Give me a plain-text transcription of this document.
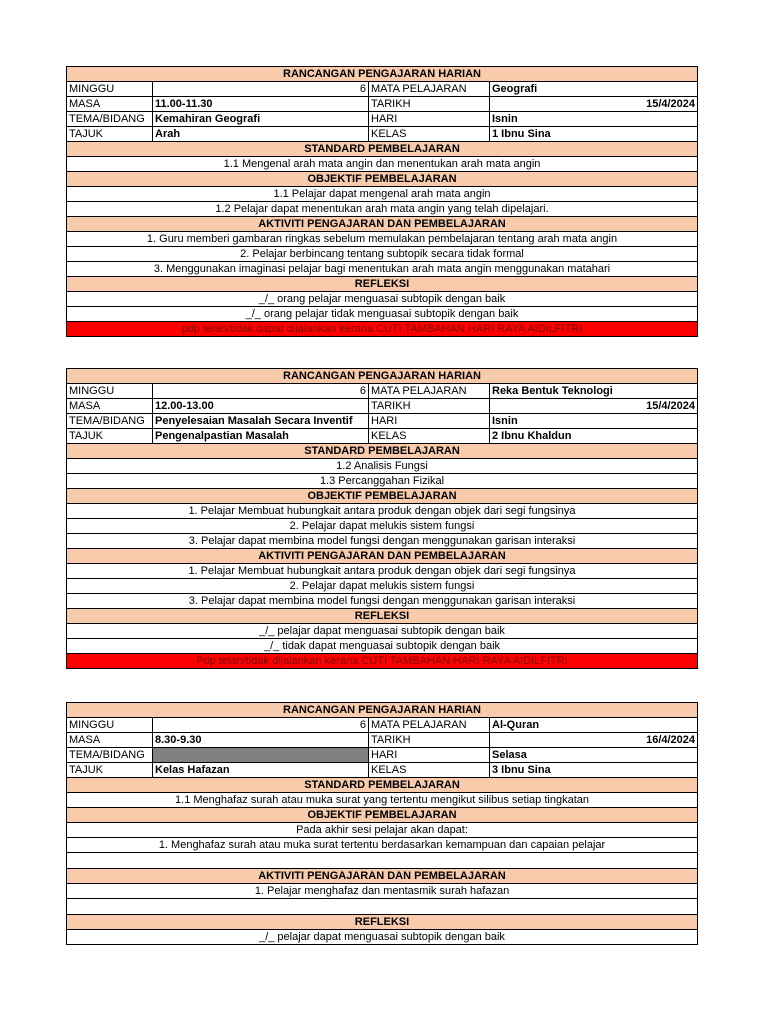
RANCANGAN PENGAJARAN HARIAN			
MINGGU	6	MATA PELAJARAN	Geografi
MASA	11.00-11.30	TARIKH	15/4/2024
TEMA/BIDANG	Kemahiran Geografi	HARI	Isnin
TAJUK	Arah	KELAS	1 Ibnu Sina
STANDARD PEMBELAJARAN			
1.1 Mengenal arah mata angin dan menentukan arah mata angin			
OBJEKTIF PEMBELAJARAN			
1.1 Pelajar dapat mengenal arah mata angin			
1.2 Pelajar dapat menentukan arah mata angin yang telah dipelajari.			
AKTIVITI PENGAJARAN DAN PEMBELAJARAN			
1. Guru memberi gambaran ringkas sebelum memulakan pembelajaran tentang arah mata angin			
2. Pelajar berbincang tentang subtopik secara tidak formal			
3. Menggunakan imaginasi pelajar bagi menentukan arah mata angin menggunakan matahari			
REFLEKSI			
_/_ orang pelajar menguasai subtopik dengan baik			
_/_ orang pelajar tidak menguasai subtopik dengan baik			
pdp telah/tidak dapat dijalankan kerana CUTI TAMBAHAN HARI RAYA AIDILFITRI			
RANCANGAN PENGAJARAN HARIAN			
MINGGU	6	MATA PELAJARAN	Reka Bentuk Teknologi
MASA	12.00-13.00	TARIKH	15/4/2024
TEMA/BIDANG	Penyelesaian Masalah Secara Inventif	HARI	Isnin
TAJUK	Pengenalpastian Masalah	KELAS	2 Ibnu Khaldun
STANDARD PEMBELAJARAN			
1.2 Analisis Fungsi			
1.3 Percanggahan Fizikal			
OBJEKTIF PEMBELAJARAN			
1. Pelajar Membuat hubungkait antara produk dengan objek dari segi fungsinya			
2. Pelajar dapat melukis sistem fungsi			
3. Pelajar dapat membina model fungsi dengan menggunakan garisan interaksi			
AKTIVITI PENGAJARAN DAN PEMBELAJARAN			
1. Pelajar Membuat hubungkait antara produk dengan objek dari segi fungsinya			
2. Pelajar dapat melukis sistem fungsi			
3. Pelajar dapat membina model fungsi dengan menggunakan garisan interaksi			
REFLEKSI			
_/_ pelajar dapat menguasai subtopik dengan baik			
_/_ tidak dapat menguasai subtopik dengan baik			
Pdp telah/tidak dijalankan kerana CUTI TAMBAHAN HARI RAYA AIDILFITRI			
RANCANGAN PENGAJARAN HARIAN			
MINGGU	6	MATA PELAJARAN	Al-Quran
MASA	8.30-9.30	TARIKH	16/4/2024
TEMA/BIDANG		HARI	Selasa
TAJUK	Kelas Hafazan	KELAS	3 Ibnu Sina
STANDARD PEMBELAJARAN			
1.1 Menghafaz surah atau muka surat yang tertentu mengikut silibus setiap tingkatan			
OBJEKTIF PEMBELAJARAN			
Pada akhir sesi pelajar akan dapat:			
1. Menghafaz surah atau muka surat tertentu berdasarkan kemampuan dan capaian pelajar			

AKTIVITI PENGAJARAN DAN PEMBELAJARAN			
1. Pelajar menghafaz dan mentasmik surah hafazan			

REFLEKSI			
_/_ pelajar dapat menguasai subtopik dengan baik			
